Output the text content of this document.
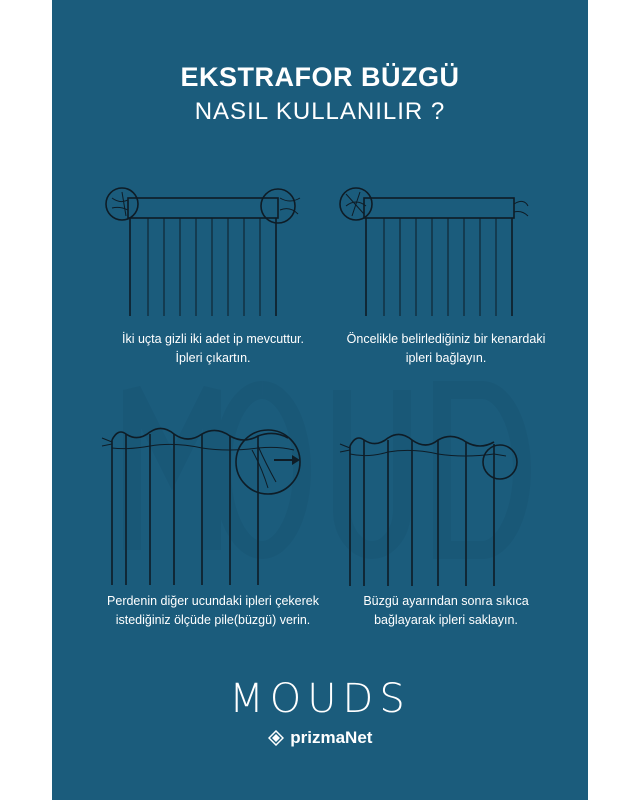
EKSTRAFOR BÜZGÜ
NASIL KULLANILIR ?
İki uçta gizli iki adet ip mevcuttur.
İpleri çıkartın.
Öncelikle belirlediğiniz bir kenardaki
ipleri bağlayın.
Perdenin diğer ucundaki ipleri çekerek
istediğiniz ölçüde pile(büzgü) verin.
Büzgü ayarından sonra sıkıca
bağlayarak ipleri saklayın.
MOUDS
prizmaNet
